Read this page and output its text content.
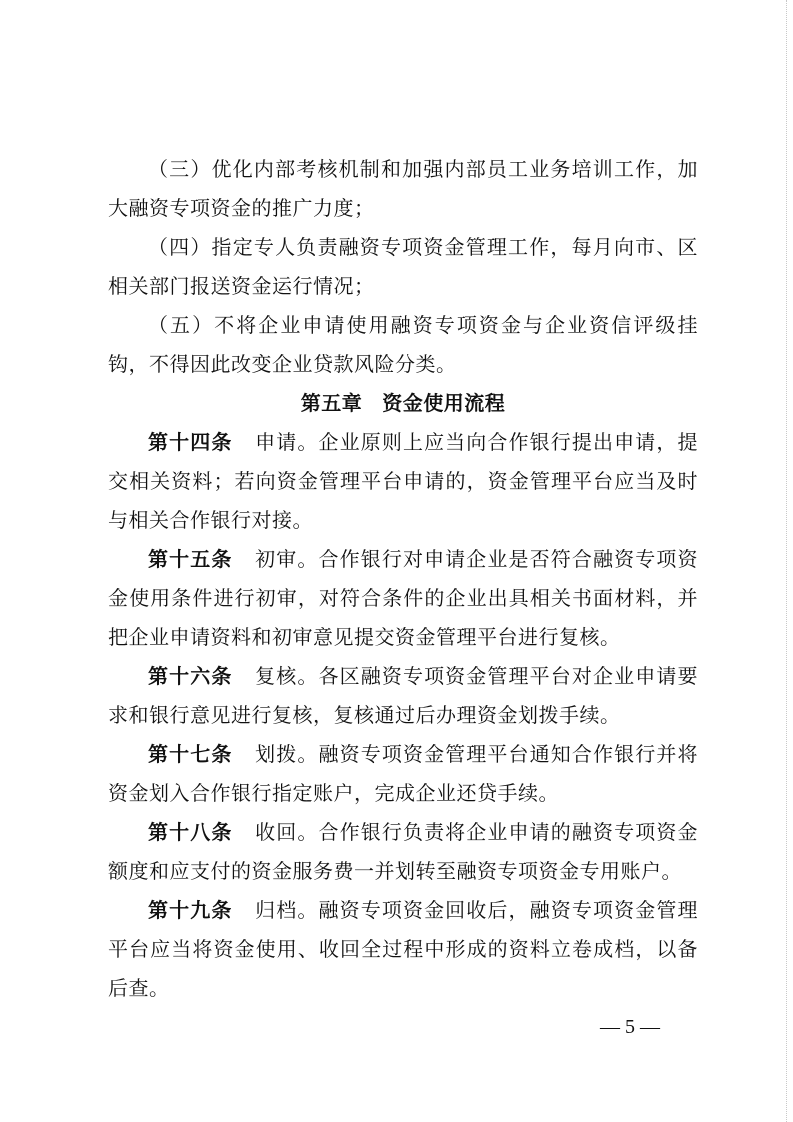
（三）优化内部考核机制和加强内部员工业务培训工作，加大融资专项资金的推广力度；

（四）指定专人负责融资专项资金管理工作，每月向市、区相关部门报送资金运行情况；

（五）不将企业申请使用融资专项资金与企业资信评级挂钩，不得因此改变企业贷款风险分类。

第五章 资金使用流程

第十四条 申请。企业原则上应当向合作银行提出申请，提交相关资料；若向资金管理平台申请的，资金管理平台应当及时与相关合作银行对接。

第十五条 初审。合作银行对申请企业是否符合融资专项资金使用条件进行初审，对符合条件的企业出具相关书面材料，并把企业申请资料和初审意见提交资金管理平台进行复核。

第十六条 复核。各区融资专项资金管理平台对企业申请要求和银行意见进行复核，复核通过后办理资金划拨手续。

第十七条 划拨。融资专项资金管理平台通知合作银行并将资金划入合作银行指定账户，完成企业还贷手续。

第十八条 收回。合作银行负责将企业申请的融资专项资金额度和应支付的资金服务费一并划转至融资专项资金专用账户。

第十九条 归档。融资专项资金回收后，融资专项资金管理平台应当将资金使用、收回全过程中形成的资料立卷成档，以备后查。

— 5 —
